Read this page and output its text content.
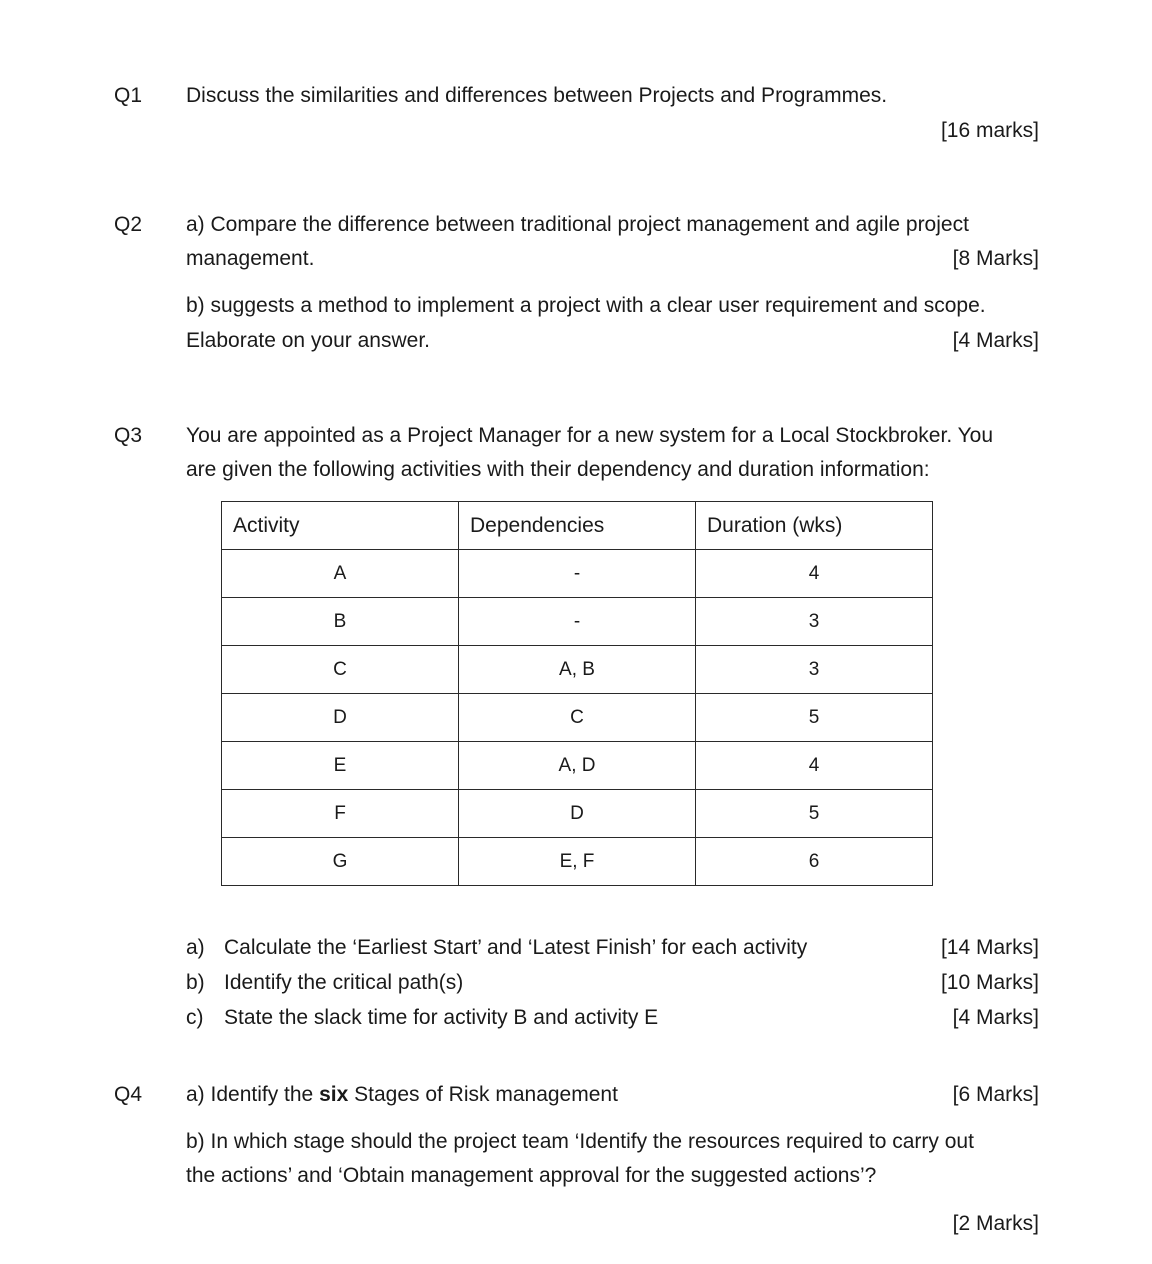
Q1 Discuss the similarities and differences between Projects and Programmes.
[16 marks]
Q2 a) Compare the difference between traditional project management and agile project
management.	[8 Marks]
b) suggests a method to implement a project with a clear user requirement and scope.
Elaborate on your answer.	[4 Marks]
Q3 You are appointed as a Project Manager for a new system for a Local Stockbroker. You
are given the following activities with their dependency and duration information:
Activity	Dependencies	Duration (wks)
A	-	4
B	-	3
C	A, B	3
D	C	5
E	A, D	4
F	D	5
G	E, F	6
a) Calculate the ‘Earliest Start’ and ‘Latest Finish’ for each activity	[14 Marks]
b) Identify the critical path(s)	[10 Marks]
c) State the slack time for activity B and activity E	[4 Marks]
Q4 a) Identify the six Stages of Risk management	[6 Marks]
b) In which stage should the project team ‘Identify the resources required to carry out
the actions’ and ‘Obtain management approval for the suggested actions’?
[2 Marks]
